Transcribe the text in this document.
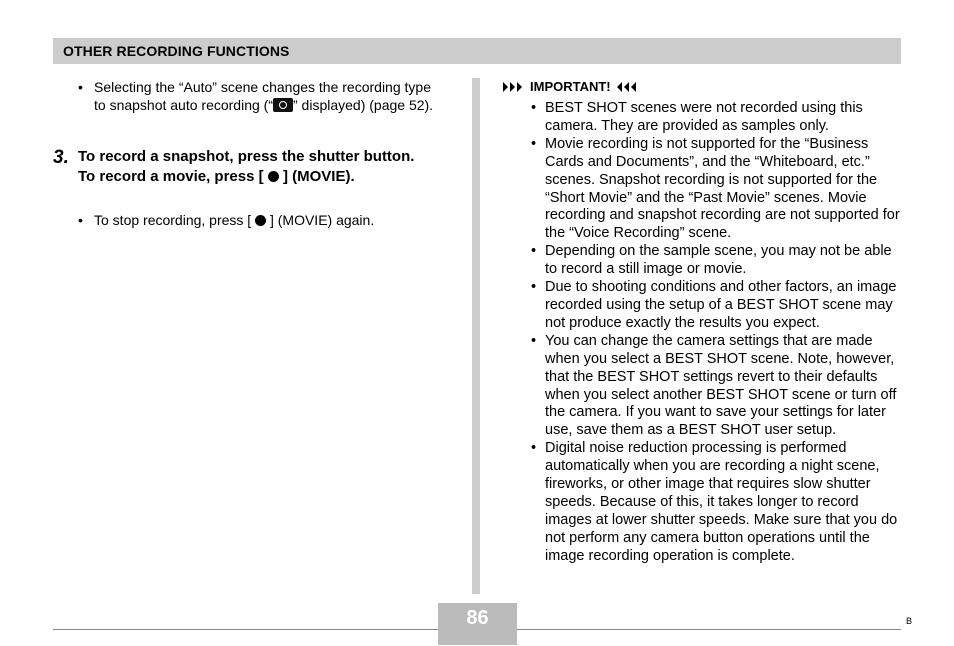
OTHER RECORDING FUNCTIONS
• Selecting the “Auto” scene changes the recording type to snapshot auto recording (“ ” displayed) (page 52).
3. To record a snapshot, press the shutter button.
To record a movie, press [  ] (MOVIE).
• To stop recording, press [  ] (MOVIE) again.
IMPORTANT!
• BEST SHOT scenes were not recorded using this camera. They are provided as samples only.
• Movie recording is not supported for the “Business Cards and Documents”, and the “Whiteboard, etc.” scenes. Snapshot recording is not supported for the “Short Movie” and the “Past Movie” scenes. Movie recording and snapshot recording are not supported for the “Voice Recording” scene.
• Depending on the sample scene, you may not be able to record a still image or movie.
• Due to shooting conditions and other factors, an image recorded using the setup of a BEST SHOT scene may not produce exactly the results you expect.
• You can change the camera settings that are made when you select a BEST SHOT scene. Note, however, that the BEST SHOT settings revert to their defaults when you select another BEST SHOT scene or turn off the camera. If you want to save your settings for later use, save them as a BEST SHOT user setup.
• Digital noise reduction processing is performed automatically when you are recording a night scene, fireworks, or other image that requires slow shutter speeds. Because of this, it takes longer to record images at lower shutter speeds. Make sure that you do not perform any camera button operations until the image recording operation is complete.
86	B
